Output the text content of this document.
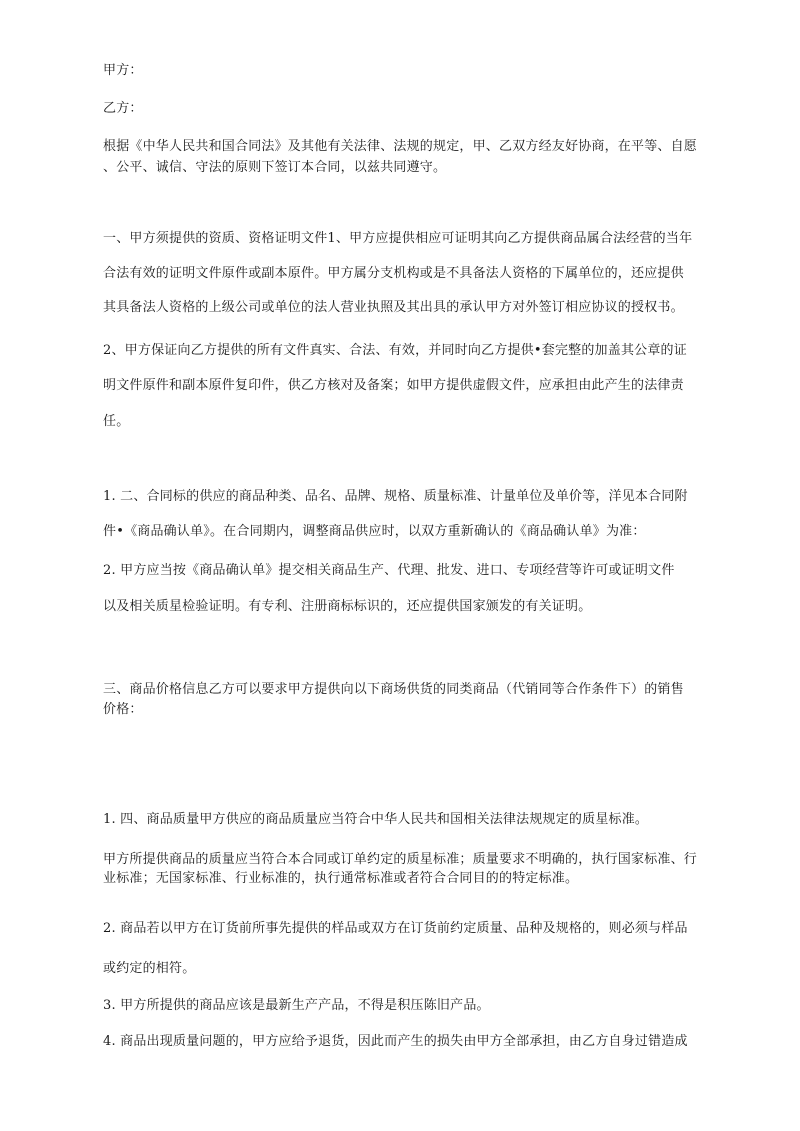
甲方：

乙方：

根据《中华人民共和国合同法》及其他有关法律、法规的规定，甲、乙双方经友好协商，在平等、自愿

、公平、诚信、守法的原则下签订本合同，以兹共同遵守。

一、甲方须提供的资质、资格证明文件1、甲方应提供相应可证明其向乙方提供商品属合法经营的当年

合法有效的证明文件原件或副本原件。甲方属分支机构或是不具备法人资格的下属单位的，还应提供

其具备法人资格的上级公司或单位的法人营业执照及其出具的承认甲方对外签订相应协议的授权书。

2、甲方保证向乙方提供的所有文件真实、合法、有效，并同时向乙方提供•套完整的加盖其公章的证

明文件原件和副本原件复印件，供乙方核对及备案；如甲方提供虚假文件，应承担由此产生的法律责

任。

1. 二、合同标的供应的商品种类、品名、品牌、规格、质量标准、计量单位及单价等，洋见本合同附

件•《商品确认单》。在合同期内，调整商品供应时，以双方重新确认的《商品确认单》为准：

2. 甲方应当按《商品确认单》提交相关商品生产、代理、批发、进口、专项经营等许可或证明文件

以及相关质星检验证明。有专利、注册商标标识的，还应提供国家颁发的有关证明。

三、商品价格信息乙方可以要求甲方提供向以下商场供货的同类商品（代销同等合作条件下）的销售

价格：

1. 四、商品质量甲方供应的商品质量应当符合中华人民共和国相关法律法规规定的质星标准。

甲方所提供商品的质量应当符合本合同或订单约定的质星标准；质量要求不明确的，执行国家标准、行

业标准；无国家标准、行业标准的，执行通常标准或者符合合同目的的特定标准。

2. 商品若以甲方在订货前所事先提供的样品或双方在订货前约定质量、品种及规格的，则必须与样品

或约定的相符。

3. 甲方所提供的商品应该是最新生产产品，不得是积压陈旧产品。

4. 商品出现质量问题的，甲方应给予退货，因此而产生的损失由甲方全部承担，由乙方自身过错造成
